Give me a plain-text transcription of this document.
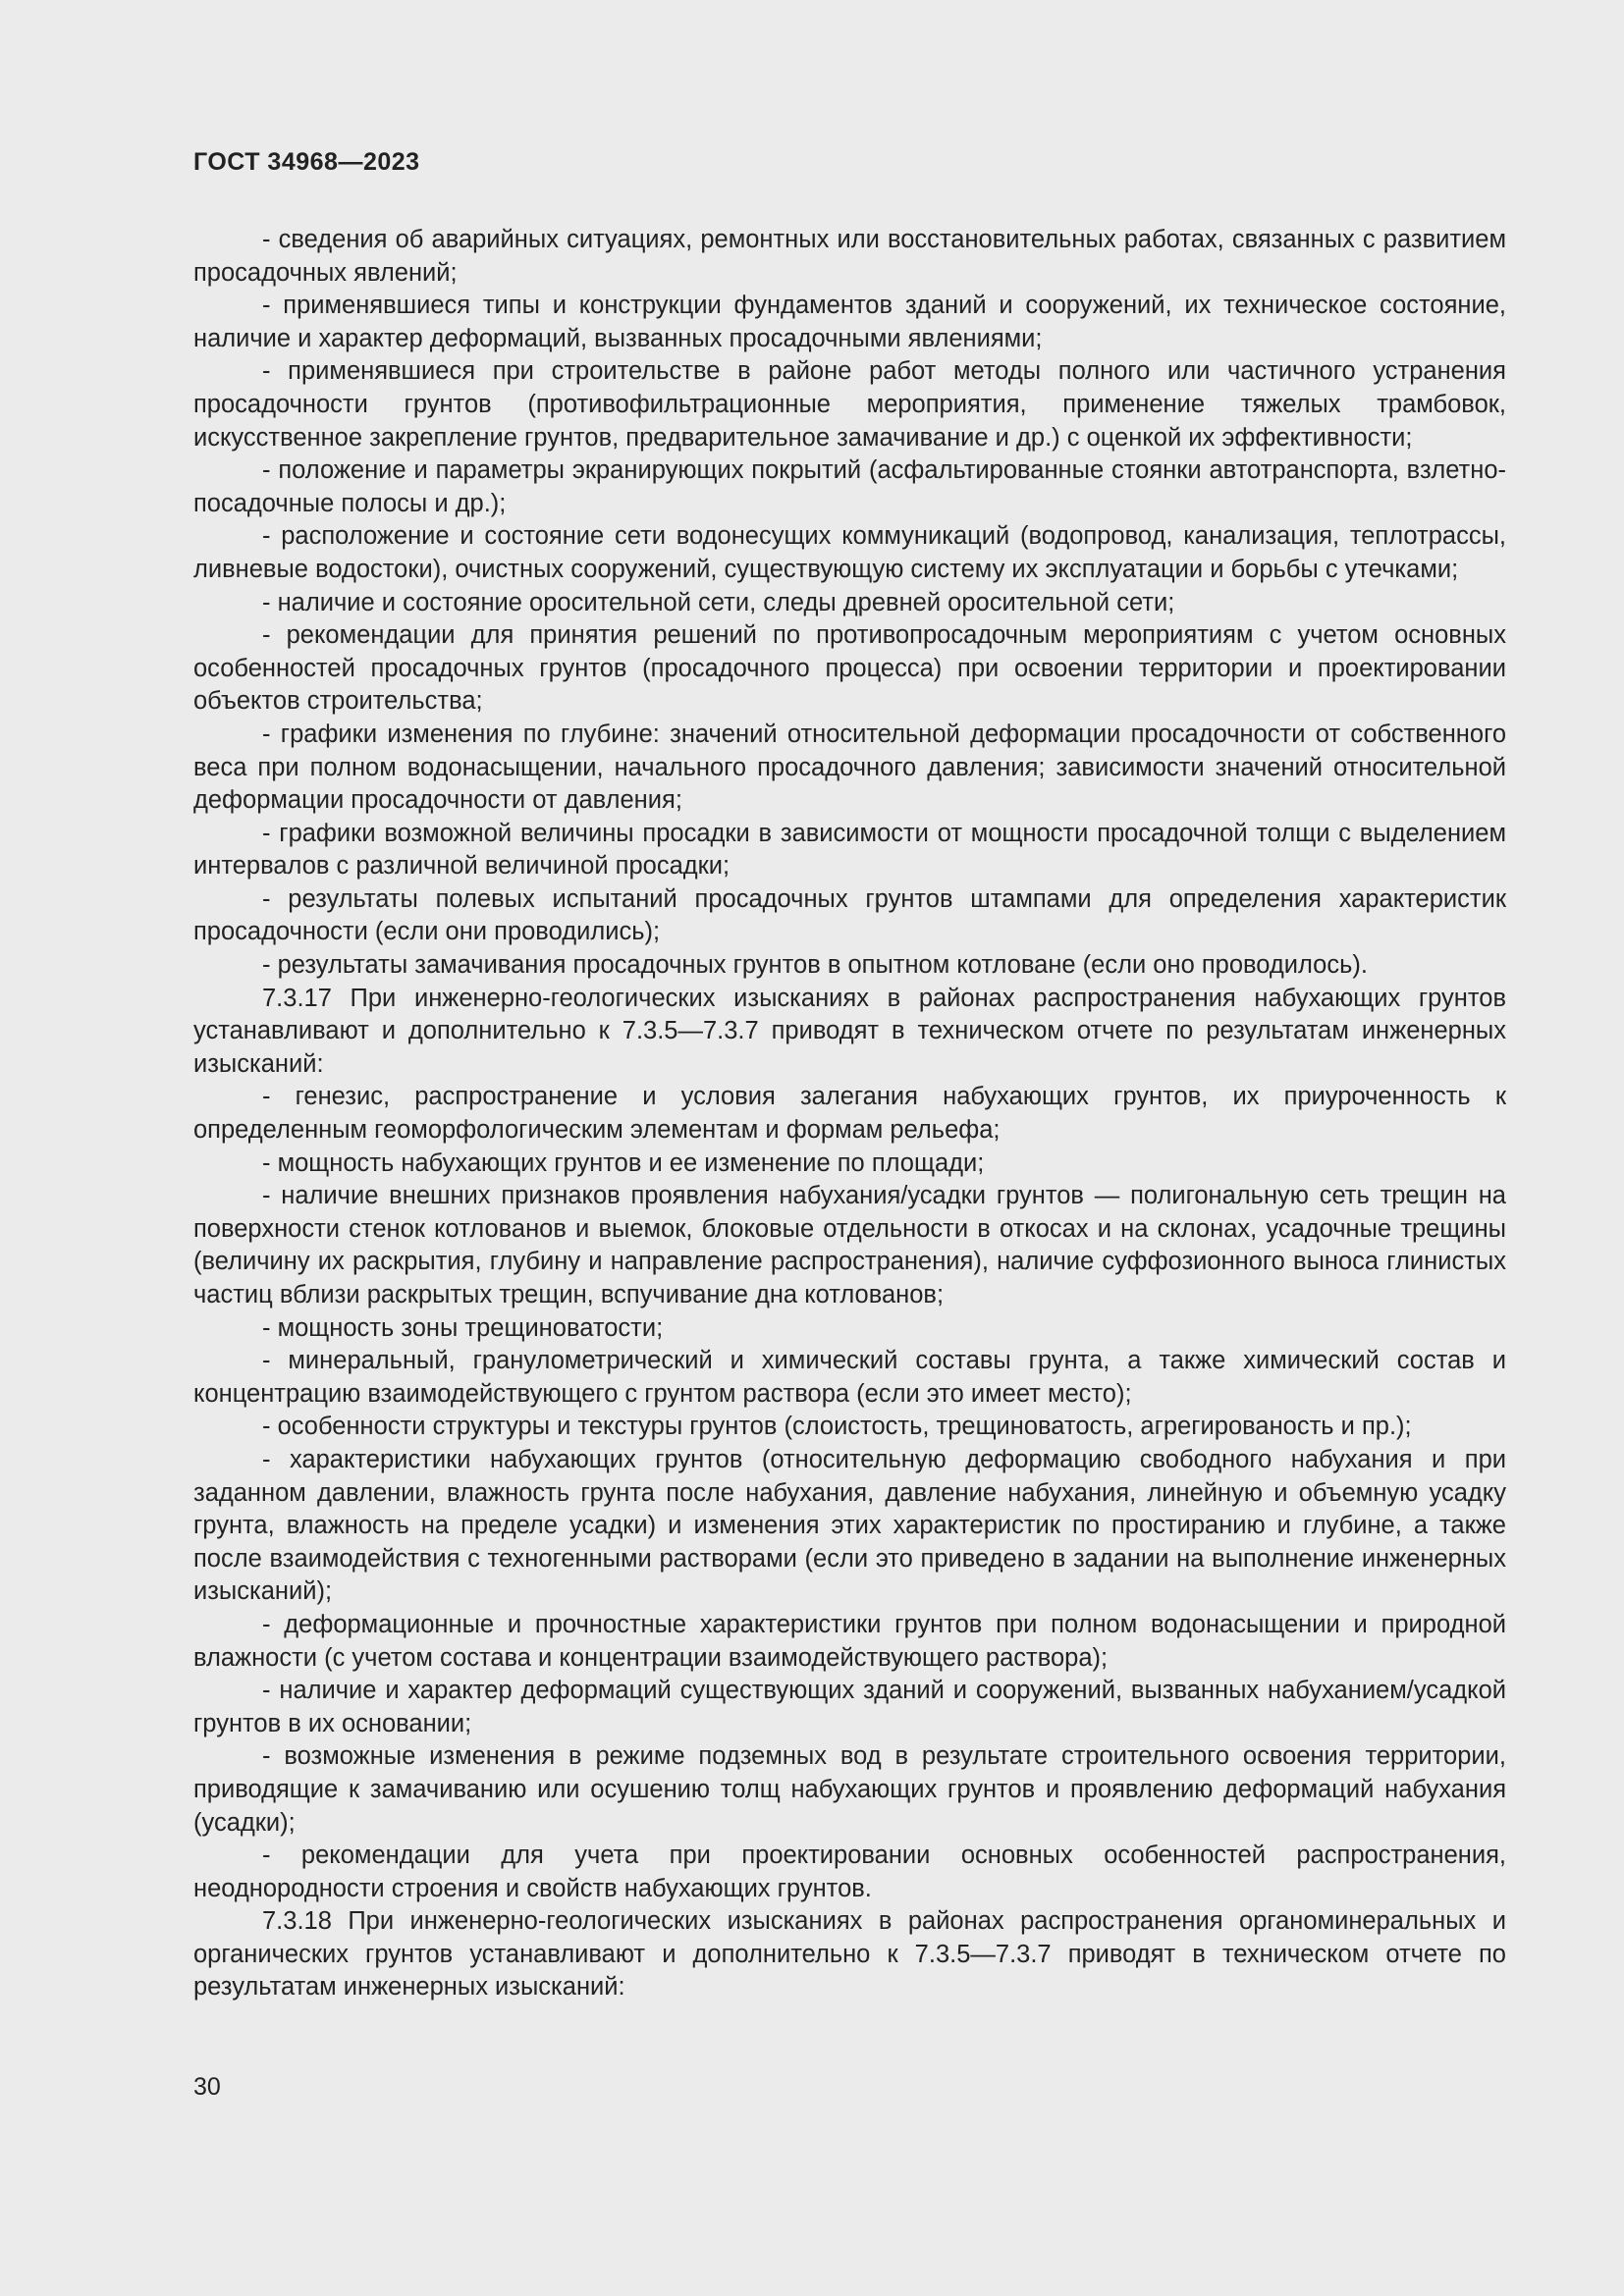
ГОСТ 34968—2023

- сведения об аварийных ситуациях, ремонтных или восстановительных работах, связанных с развитием просадочных явлений;

- применявшиеся типы и конструкции фундаментов зданий и сооружений, их техническое состояние, наличие и характер деформаций, вызванных просадочными явлениями;

- применявшиеся при строительстве в районе работ методы полного или частичного устранения просадочности грунтов (противофильтрационные мероприятия, применение тяжелых трамбовок, искусственное закрепление грунтов, предварительное замачивание и др.) с оценкой их эффективности;

- положение и параметры экранирующих покрытий (асфальтированные стоянки автотранспорта, взлетно-посадочные полосы и др.);

- расположение и состояние сети водонесущих коммуникаций (водопровод, канализация, теплотрассы, ливневые водостоки), очистных сооружений, существующую систему их эксплуатации и борьбы с утечками;

- наличие и состояние оросительной сети, следы древней оросительной сети;

- рекомендации для принятия решений по противопросадочным мероприятиям с учетом основных особенностей просадочных грунтов (просадочного процесса) при освоении территории и проектировании объектов строительства;

- графики изменения по глубине: значений относительной деформации просадочности от собственного веса при полном водонасыщении, начального просадочного давления; зависимости значений относительной деформации просадочности от давления;

- графики возможной величины просадки в зависимости от мощности просадочной толщи с выделением интервалов с различной величиной просадки;

- результаты полевых испытаний просадочных грунтов штампами для определения характеристик просадочности (если они проводились);

- результаты замачивания просадочных грунтов в опытном котловане (если оно проводилось).

7.3.17 При инженерно-геологических изысканиях в районах распространения набухающих грунтов устанавливают и дополнительно к 7.3.5—7.3.7 приводят в техническом отчете по результатам инженерных изысканий:

- генезис, распространение и условия залегания набухающих грунтов, их приуроченность к определенным геоморфологическим элементам и формам рельефа;

- мощность набухающих грунтов и ее изменение по площади;

- наличие внешних признаков проявления набухания/усадки грунтов — полигональную сеть трещин на поверхности стенок котлованов и выемок, блоковые отдельности в откосах и на склонах, усадочные трещины (величину их раскрытия, глубину и направление распространения), наличие суффозионного выноса глинистых частиц вблизи раскрытых трещин, вспучивание дна котлованов;

- мощность зоны трещиноватости;

- минеральный, гранулометрический и химический составы грунта, а также химический состав и концентрацию взаимодействующего с грунтом раствора (если это имеет место);

- особенности структуры и текстуры грунтов (слоистость, трещиноватость, агрегированость и пр.);

- характеристики набухающих грунтов (относительную деформацию свободного набухания и при заданном давлении, влажность грунта после набухания, давление набухания, линейную и объемную усадку грунта, влажность на пределе усадки) и изменения этих характеристик по простиранию и глубине, а также после взаимодействия с техногенными растворами (если это приведено в задании на выполнение инженерных изысканий);

- деформационные и прочностные характеристики грунтов при полном водонасыщении и природной влажности (с учетом состава и концентрации взаимодействующего раствора);

- наличие и характер деформаций существующих зданий и сооружений, вызванных набуханием/усадкой грунтов в их основании;

- возможные изменения в режиме подземных вод в результате строительного освоения территории, приводящие к замачиванию или осушению толщ набухающих грунтов и проявлению деформаций набухания (усадки);

- рекомендации для учета при проектировании основных особенностей распространения, неоднородности строения и свойств набухающих грунтов.

7.3.18 При инженерно-геологических изысканиях в районах распространения органоминеральных и органических грунтов устанавливают и дополнительно к 7.3.5—7.3.7 приводят в техническом отчете по результатам инженерных изысканий:

30
